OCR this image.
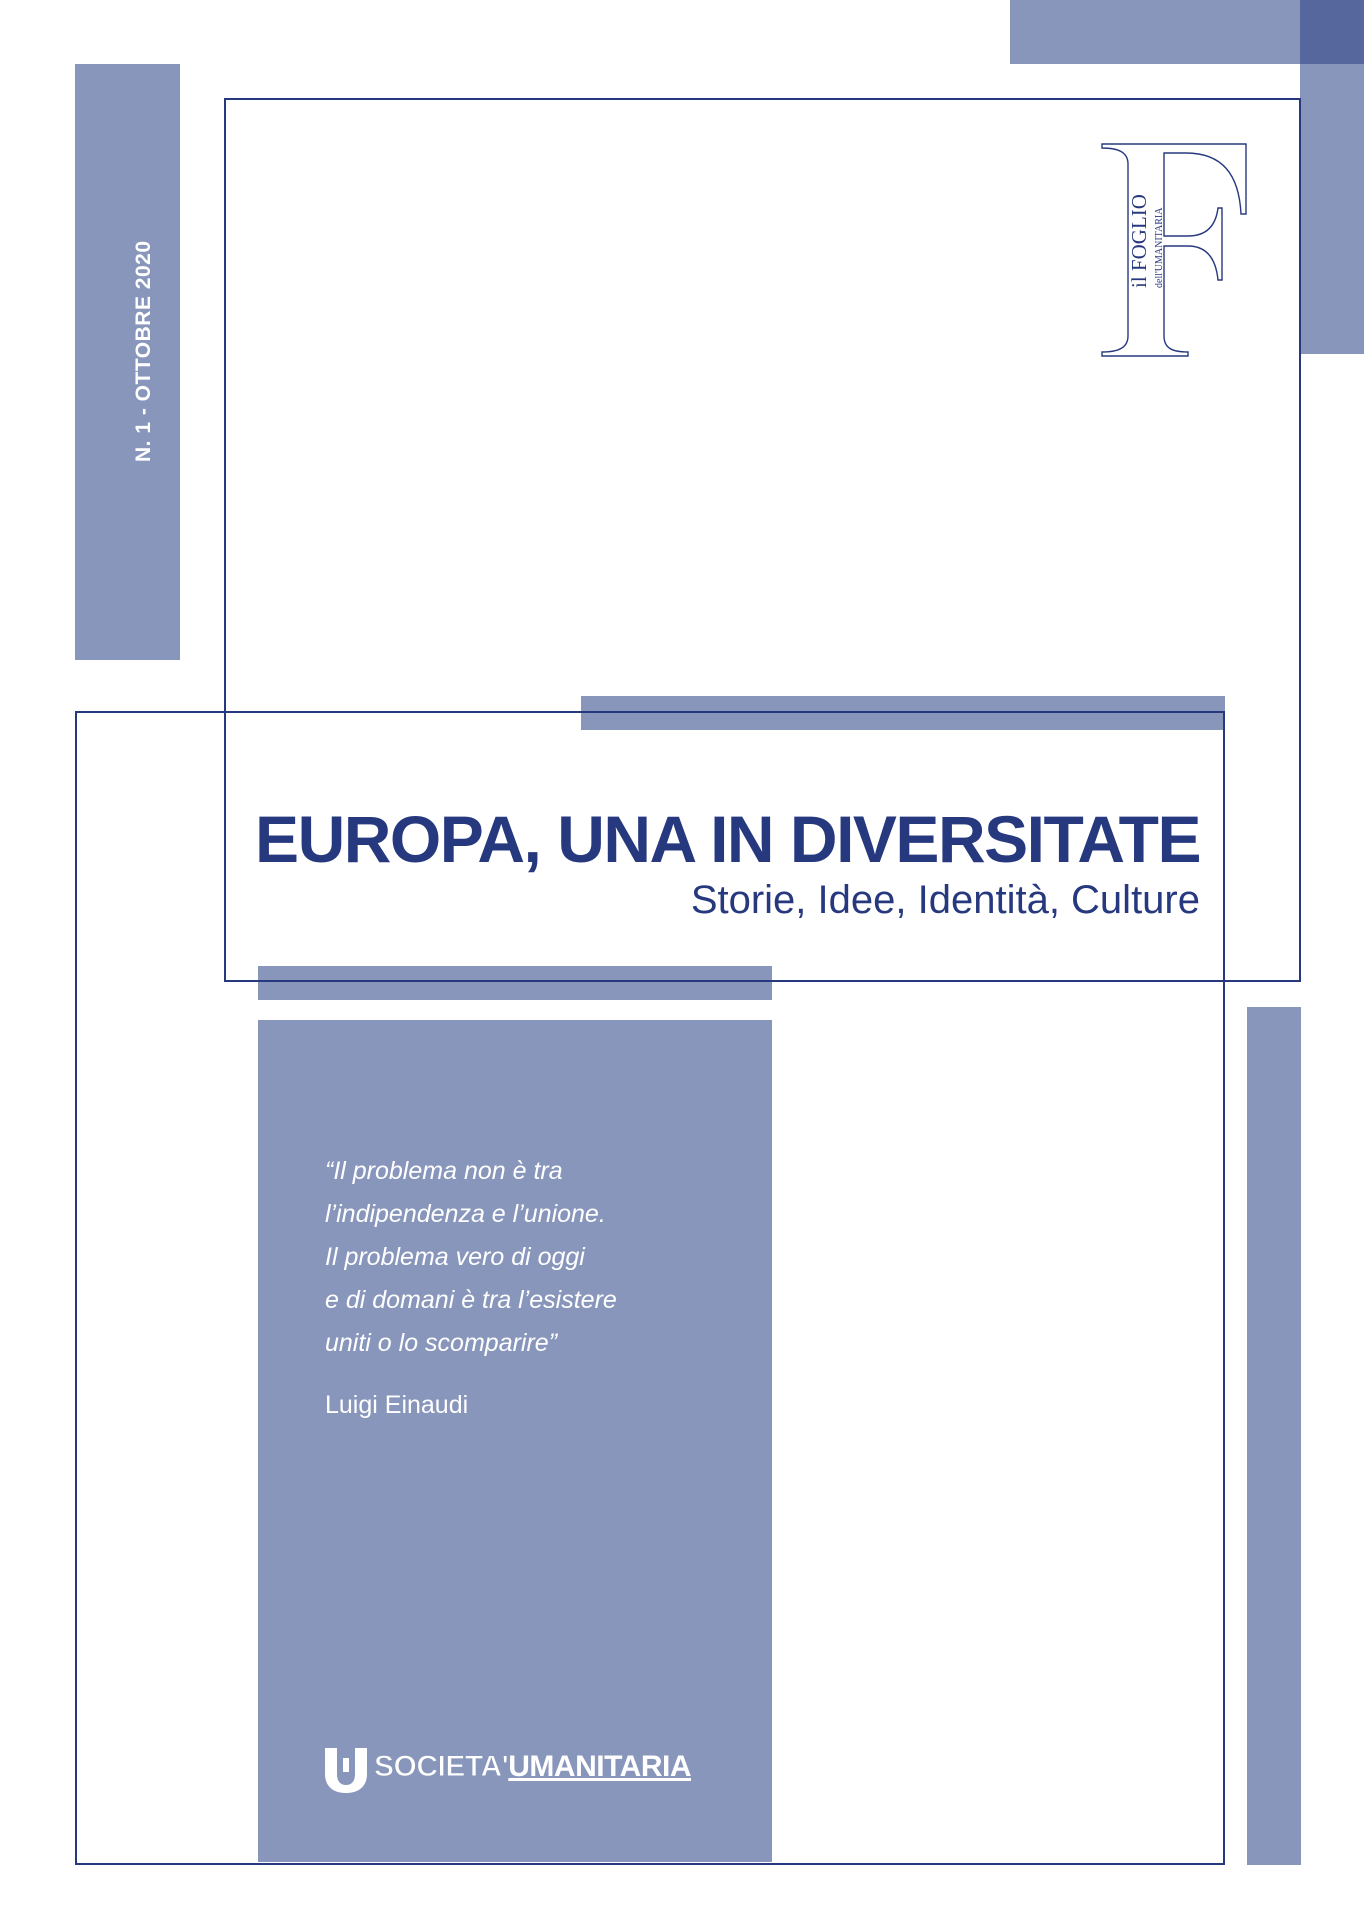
N. 1 - OTTOBRE 2020	il FOGLIO dell'UMANITARIA
EUROPA, UNA IN DIVERSITATE

Storie, Idee, Identità, Culture

“Il problema non è tra
l’indipendenza e l’unione.
Il problema vero di oggi
e di domani è tra l’esistere
uniti o lo scomparire”
Luigi Einaudi
SOCIETA'UMANITARIA
